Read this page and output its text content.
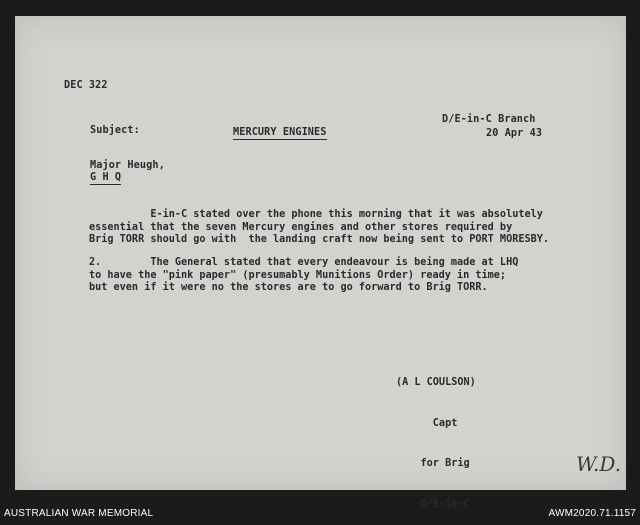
DEC 322
D/E-in-C Branch
20 Apr 43
Subject:	MERCURY ENGINES
Major Heugh,
G H Q
E-in-C stated over the phone this morning that it was absolutely
essential that the seven Mercury engines and other stores required by
Brig TORR should go with  the landing craft now being sent to PORT MORESBY.
2.        The General stated that every endeavour is being made at LHQ
to have the "pink paper" (presumably Munitions Order) ready in time;
but even if it were no the stores are to go forward to Brig TORR.

(A L COULSON)

Capt

for Brig

D/E-in-C

W.D.
AUSTRALIAN WAR MEMORIAL	AWM2020.71.1157
